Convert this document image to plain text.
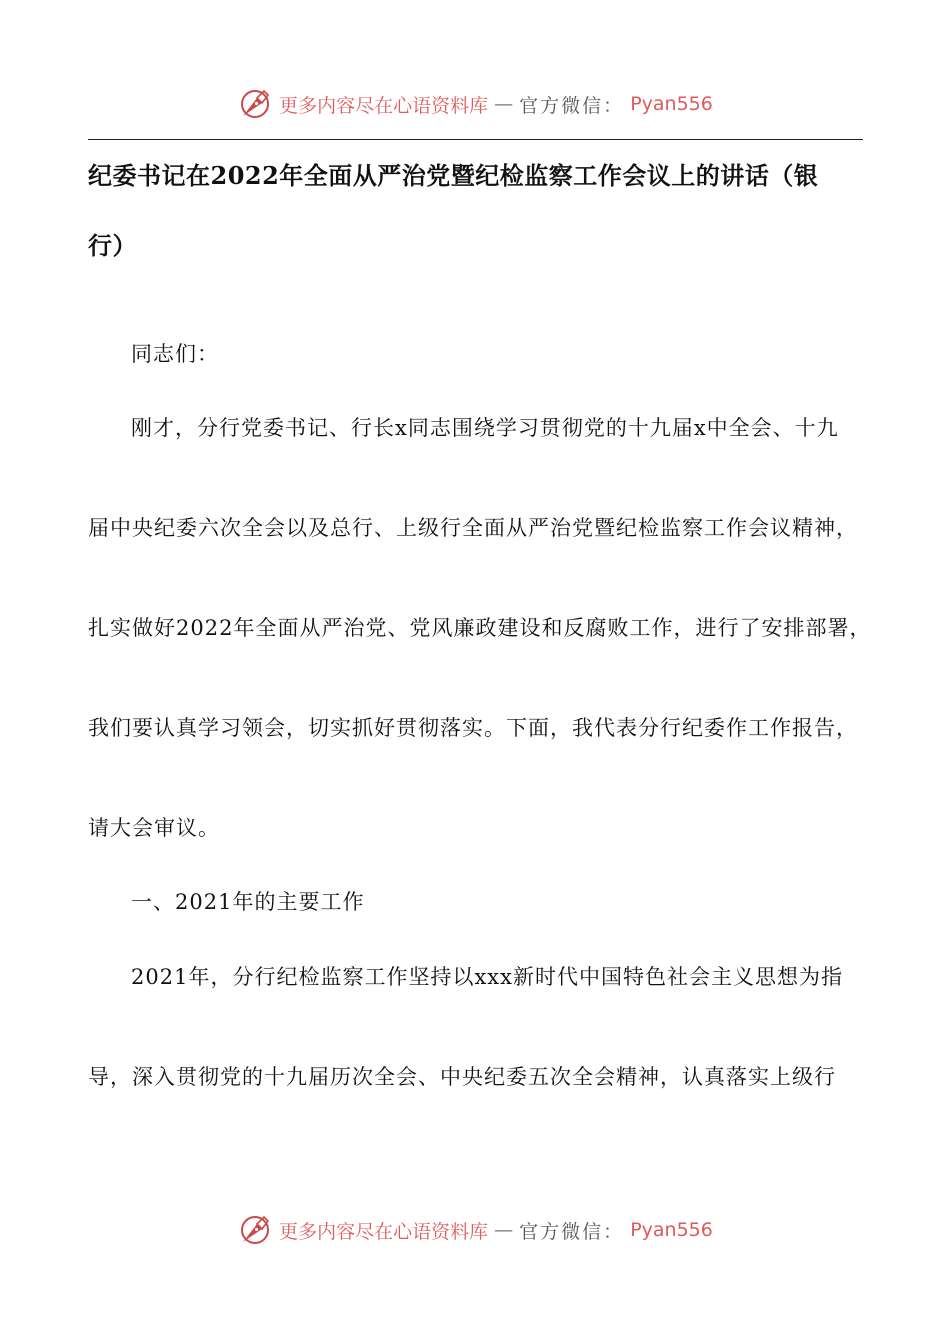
更多内容尽在心语资料库 — 官方微信： Pyan556
纪委书记在2022年全面从严治党暨纪检监察工作会议上的讲话（银
行）

同志们：

刚才，分行党委书记、行长x同志围绕学习贯彻党的十九届x中全会、十九

届中央纪委六次全会以及总行、上级行全面从严治党暨纪检监察工作会议精神，

扎实做好2022年全面从严治党、党风廉政建设和反腐败工作，进行了安排部署，

我们要认真学习领会，切实抓好贯彻落实。下面，我代表分行纪委作工作报告，

请大会审议。

一、2021年的主要工作

2021年，分行纪检监察工作坚持以xxx新时代中国特色社会主义思想为指

导，深入贯彻党的十九届历次全会、中央纪委五次全会精神，认真落实上级行

更多内容尽在心语资料库 — 官方微信： Pyan556
